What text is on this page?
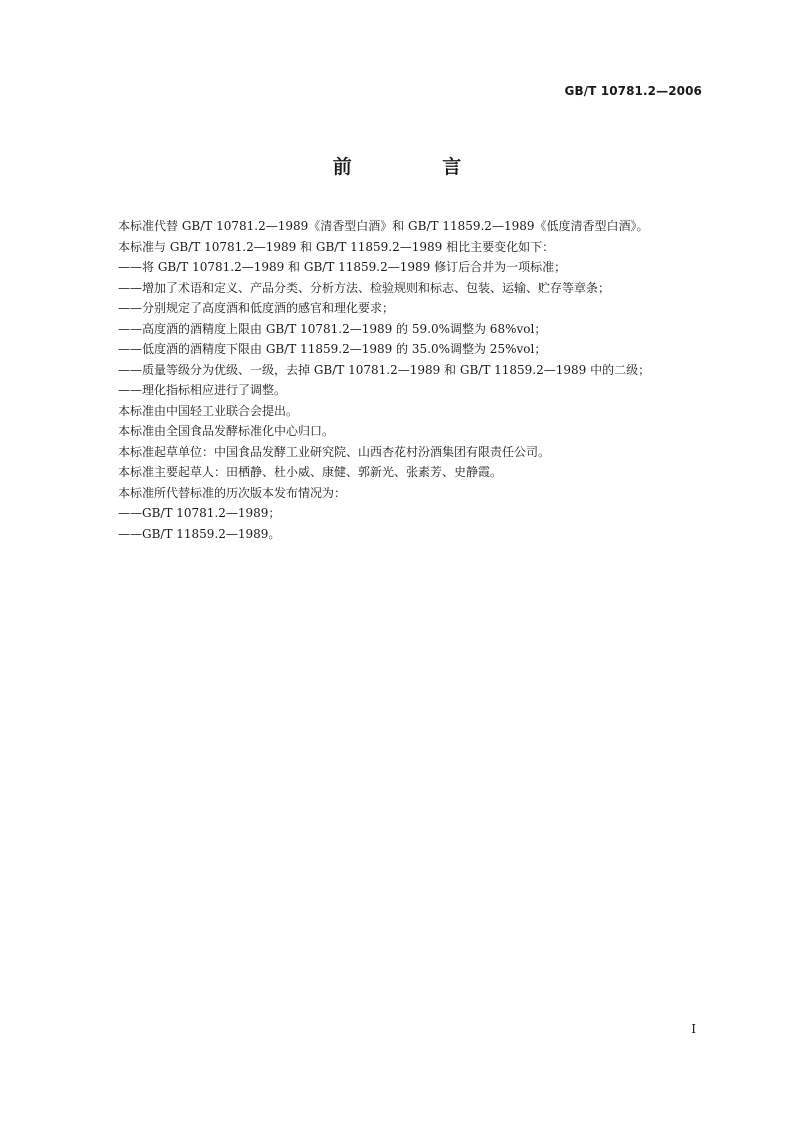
GB/T 10781.2—2006
前 言
本标准代替 GB/T 10781.2—1989《清香型白酒》和 GB/T 11859.2—1989《低度清香型白酒》。
本标准与 GB/T 10781.2—1989 和 GB/T 11859.2—1989 相比主要变化如下：
——将 GB/T 10781.2—1989 和 GB/T 11859.2—1989 修订后合并为一项标准；
——增加了术语和定义、产品分类、分析方法、检验规则和标志、包装、运输、贮存等章条；
——分别规定了高度酒和低度酒的感官和理化要求；
——高度酒的酒精度上限由 GB/T 10781.2—1989 的 59.0%调整为 68%vol；
——低度酒的酒精度下限由 GB/T 11859.2—1989 的 35.0%调整为 25%vol；
——质量等级分为优级、一级，去掉 GB/T 10781.2—1989 和 GB/T 11859.2—1989 中的二级；
——理化指标相应进行了调整。
本标准由中国轻工业联合会提出。
本标准由全国食品发酵标准化中心归口。
本标准起草单位：中国食品发酵工业研究院、山西杏花村汾酒集团有限责任公司。
本标准主要起草人：田栖静、杜小威、康健、郭新光、张素芳、史静霞。
本标准所代替标准的历次版本发布情况为：
——GB/T 10781.2—1989；
——GB/T 11859.2—1989。
I
